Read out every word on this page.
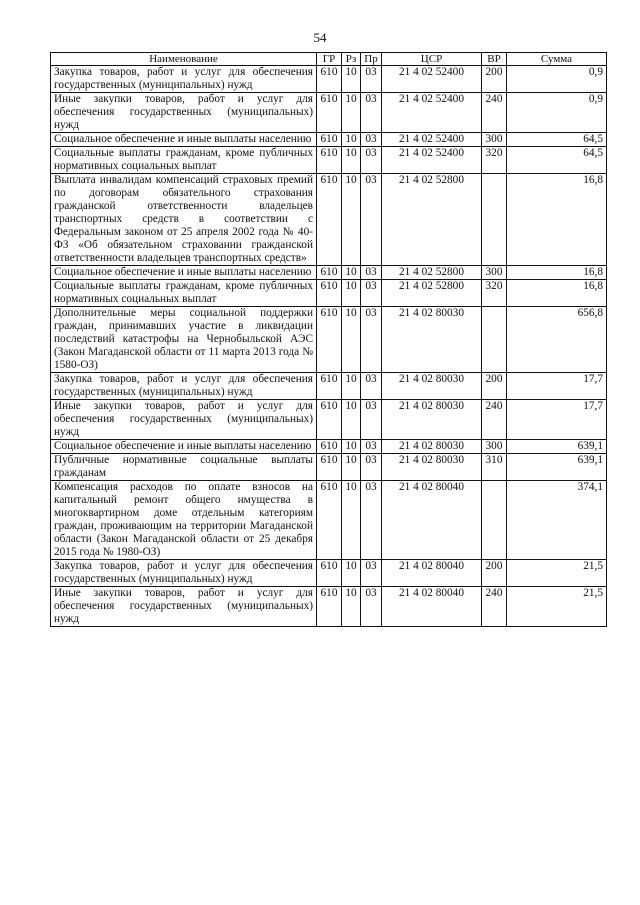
54
Наименование	ГР	Рз	Пр	ЦСР	ВР	Сумма
Закупка товаров, работ и услуг для обеспечения государственных (муниципальных) нужд	610	10	03	21 4 02 52400	200	0,9
Иные закупки товаров, работ и услуг для обеспечения государственных (муниципальных) нужд	610	10	03	21 4 02 52400	240	0,9
Социальное обеспечение и иные выплаты населению	610	10	03	21 4 02 52400	300	64,5
Социальные выплаты гражданам, кроме публичных нормативных социальных выплат	610	10	03	21 4 02 52400	320	64,5
Выплата инвалидам компенсаций страховых премий по договорам обязательного страхования гражданской ответственности владельцев транспортных средств в соответствии с Федеральным законом от 25 апреля 2002 года № 40-ФЗ «Об обязательном страховании гражданской ответственности владельцев транспортных средств»	610	10	03	21 4 02 52800		16,8
Социальное обеспечение и иные выплаты населению	610	10	03	21 4 02 52800	300	16,8
Социальные выплаты гражданам, кроме публичных нормативных социальных выплат	610	10	03	21 4 02 52800	320	16,8
Дополнительные меры социальной поддержки граждан, принимавших участие в ликвидации последствий катастрофы на Чернобыльской АЭС (Закон Магаданской области от 11 марта 2013 года № 1580-ОЗ)	610	10	03	21 4 02 80030		656,8
Закупка товаров, работ и услуг для обеспечения государственных (муниципальных) нужд	610	10	03	21 4 02 80030	200	17,7
Иные закупки товаров, работ и услуг для обеспечения государственных (муниципальных) нужд	610	10	03	21 4 02 80030	240	17,7
Социальное обеспечение и иные выплаты населению	610	10	03	21 4 02 80030	300	639,1
Публичные нормативные социальные выплаты гражданам	610	10	03	21 4 02 80030	310	639,1
Компенсация расходов по оплате взносов на капитальный ремонт общего имущества в многоквартирном доме отдельным категориям граждан, проживающим на территории Магаданской области (Закон Магаданской области от 25 декабря 2015 года № 1980-ОЗ)	610	10	03	21 4 02 80040		374,1
Закупка товаров, работ и услуг для обеспечения государственных (муниципальных) нужд	610	10	03	21 4 02 80040	200	21,5
Иные закупки товаров, работ и услуг для обеспечения государственных (муниципальных) нужд	610	10	03	21 4 02 80040	240	21,5
